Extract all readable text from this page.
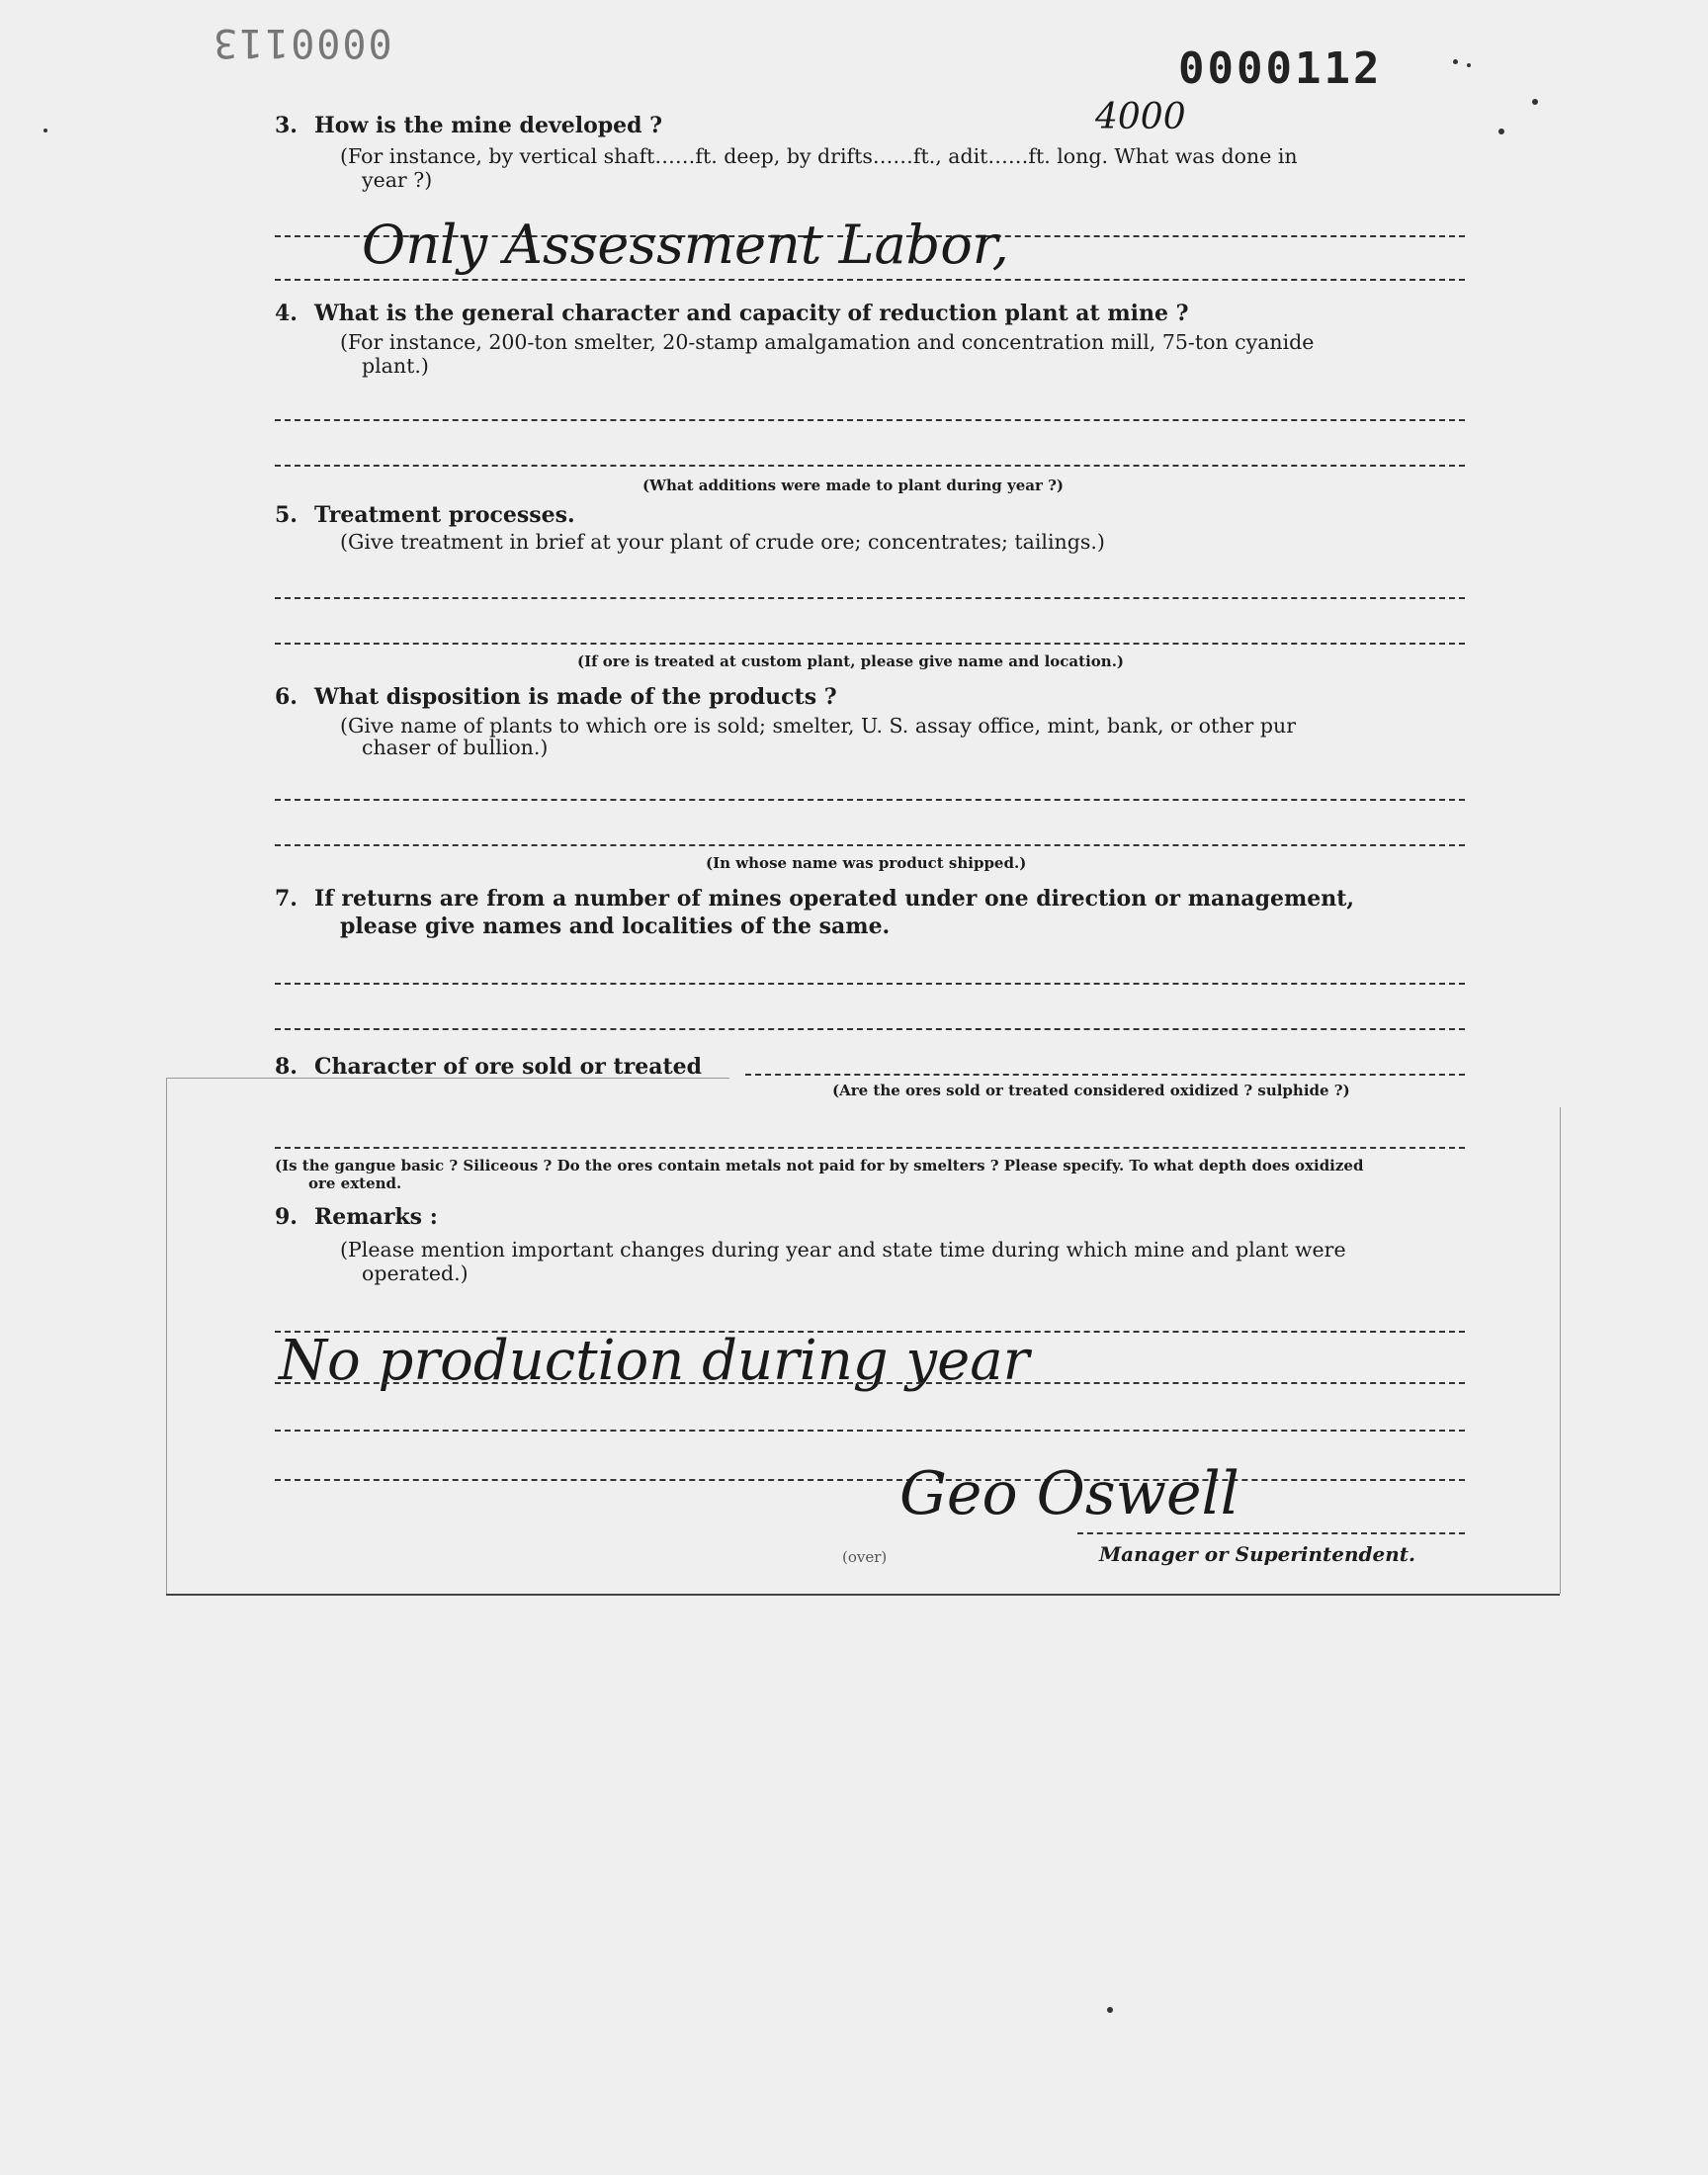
0000113
0000112
3. How is the mine developed ?	4000
(For instance, by vertical shaft……ft. deep, by drifts……ft., adit……ft. long. What was done in
year ?)
Only Assessment Labor,
4. What is the general character and capacity of reduction plant at mine ?
(For instance, 200-ton smelter, 20-stamp amalgamation and concentration mill, 75-ton cyanide
plant.)
(What additions were made to plant during year ?)
5. Treatment processes.
(Give treatment in brief at your plant of crude ore; concentrates; tailings.)
(If ore is treated at custom plant, please give name and location.)
6. What disposition is made of the products ?
(Give name of plants to which ore is sold; smelter, U. S. assay office, mint, bank, or other pur
chaser of bullion.)
(In whose name was product shipped.)
7. If returns are from a number of mines operated under one direction or management,
please give names and localities of the same.
8. Character of ore sold or treated
(Are the ores sold or treated considered oxidized ? sulphide ?)
(Is the gangue basic ? Siliceous ? Do the ores contain metals not paid for by smelters ? Please specify. To what depth does oxidized
ore extend.
9. Remarks :
(Please mention important changes during year and state time during which mine and plant were
operated.)
No production during year
Geo Oswell
Manager or Superintendent.
(over)
